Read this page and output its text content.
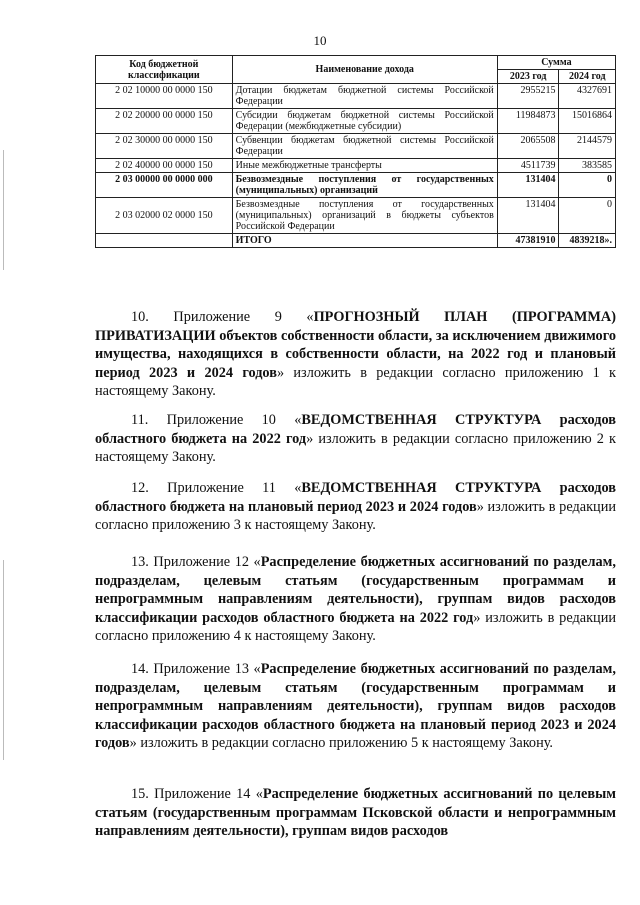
10
Код бюджетной классификации	Наименование дохода	Сумма	
		2023 год	2024 год
2 02 10000 00 0000 150	Дотации бюджетам бюджетной системы Российской Федерации	2955215	4327691
2 02 20000 00 0000 150	Субсидии бюджетам бюджетной системы Российской Федерации (межбюджетные субсидии)	11984873	15016864
2 02 30000 00 0000 150	Субвенции бюджетам бюджетной системы Российской Федерации	2065508	2144579
2 02 40000 00 0000 150	Иные межбюджетные трансферты	4511739	383585
2 03 00000 00 0000 000	Безвозмездные поступления от государственных (муниципальных) организаций	131404	0
2 03 02000 02 0000 150	Безвозмездные поступления от государственных (муниципальных) организаций в бюджеты субъектов Российской Федерации	131404	0
	ИТОГО	47381910	4839218».

10. Приложение 9 «ПРОГНОЗНЫЙ ПЛАН (ПРОГРАММА) ПРИВАТИЗАЦИИ объектов собственности области, за исключением движимого имущества, находящихся в собственности области, на 2022 год и плановый период 2023 и 2024 годов» изложить в редакции согласно приложению 1 к настоящему Закону.

11. Приложение 10 «ВЕДОМСТВЕННАЯ СТРУКТУРА расходов областного бюджета на 2022 год» изложить в редакции согласно приложению 2 к настоящему Закону.

12. Приложение 11 «ВЕДОМСТВЕННАЯ СТРУКТУРА расходов областного бюджета на плановый период 2023 и 2024 годов» изложить в редакции согласно приложению 3 к настоящему Закону.

13. Приложение 12 «Распределение бюджетных ассигнований по разделам, подразделам, целевым статьям (государственным программам и непрограммным направлениям деятельности), группам видов расходов классификации расходов областного бюджета на 2022 год» изложить в редакции согласно приложению 4 к настоящему Закону.

14. Приложение 13 «Распределение бюджетных ассигнований по разделам, подразделам, целевым статьям (государственным программам и непрограммным направлениям деятельности), группам видов расходов классификации расходов областного бюджета на плановый период 2023 и 2024 годов» изложить в редакции согласно приложению 5 к настоящему Закону.

15. Приложение 14 «Распределение бюджетных ассигнований по целевым статьям (государственным программам Псковской области и непрограммным направлениям деятельности), группам видов расходов
